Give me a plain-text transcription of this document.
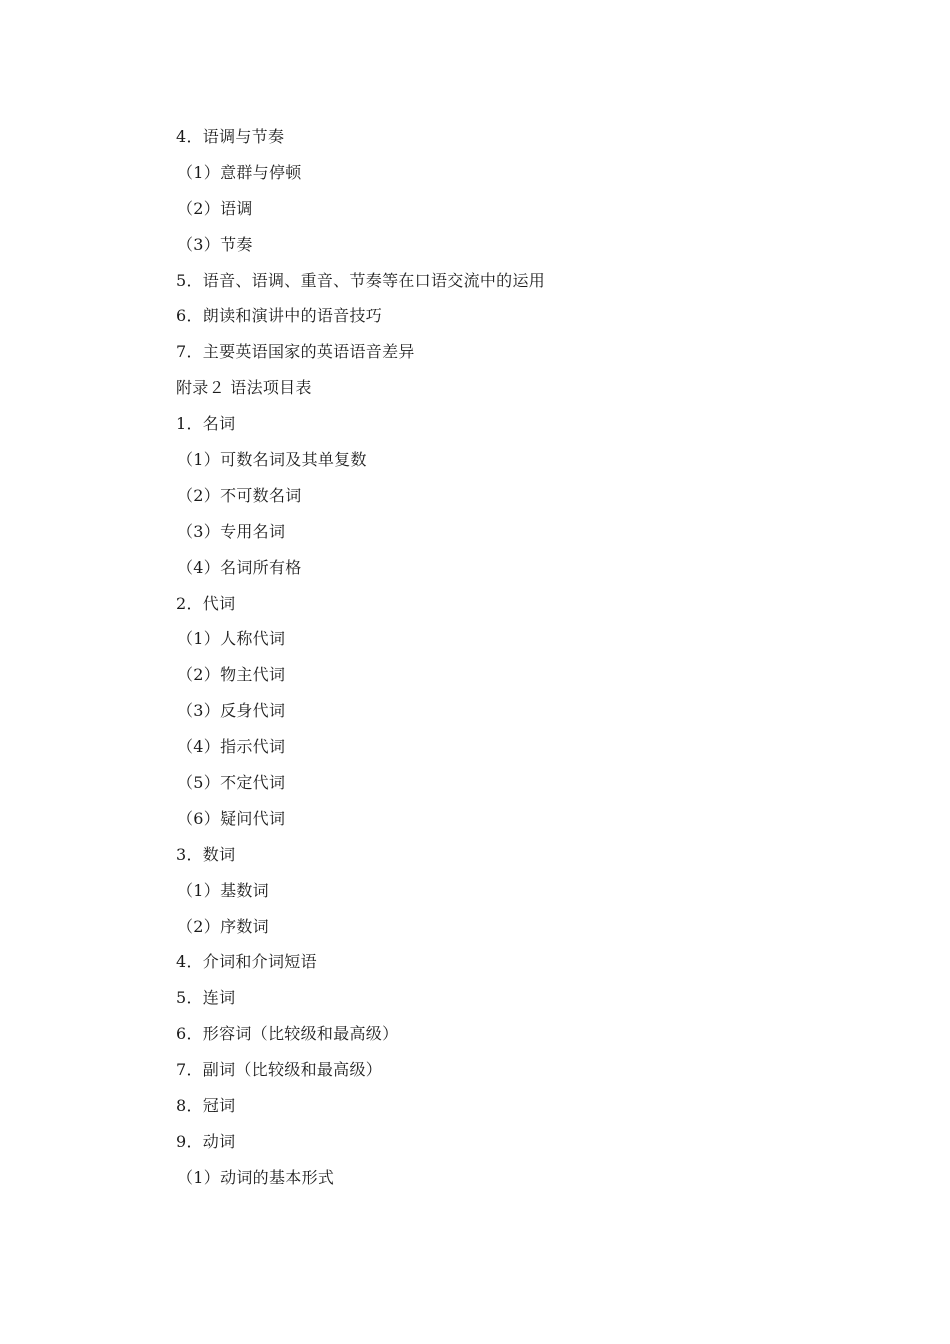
4．语调与节奏
（1）意群与停顿
（2）语调
（3）节奏
5．语音、语调、重音、节奏等在口语交流中的运用
6．朗读和演讲中的语音技巧
7．主要英语国家的英语语音差异
附录２ 语法项目表
1．名词
（1）可数名词及其单复数
（2）不可数名词
（3）专用名词
（4）名词所有格
2．代词
（1）人称代词
（2）物主代词
（3）反身代词
（4）指示代词
（5）不定代词
（6）疑问代词
3．数词
（1）基数词
（2）序数词
4．介词和介词短语
5．连词
6．形容词（比较级和最高级）
7．副词（比较级和最高级）
8．冠词
9．动词
（1）动词的基本形式
